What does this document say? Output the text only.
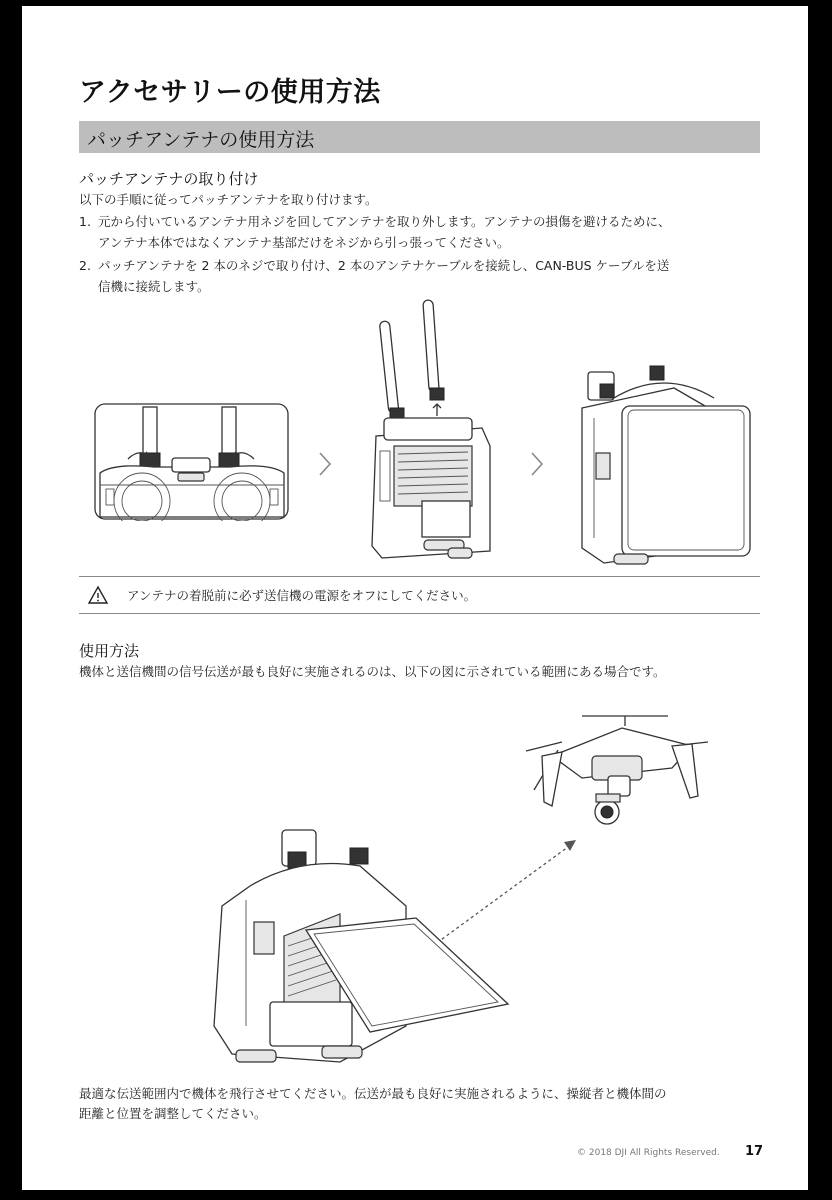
アクセサリーの使用方法
パッチアンテナの使用方法
パッチアンテナの取り付け
以下の手順に従ってパッチアンテナを取り付けます。
1. 元から付いているアンテナ用ネジを回してアンテナを取り外します。アンテナの損傷を避けるために、
アンテナ本体ではなくアンテナ基部だけをネジから引っ張ってください。
2. パッチアンテナを 2 本のネジで取り付け、2 本のアンテナケーブルを接続し、CAN-BUS ケーブルを送
信機に接続します。
アンテナの着脱前に必ず送信機の電源をオフにしてください。
使用方法
機体と送信機間の信号伝送が最も良好に実施されるのは、以下の図に示されている範囲にある場合です。
最適な伝送範囲内で機体を飛行させてください。伝送が最も良好に実施されるように、操縦者と機体間の
距離と位置を調整してください。
© 2018 DJI All Rights Reserved. 17
